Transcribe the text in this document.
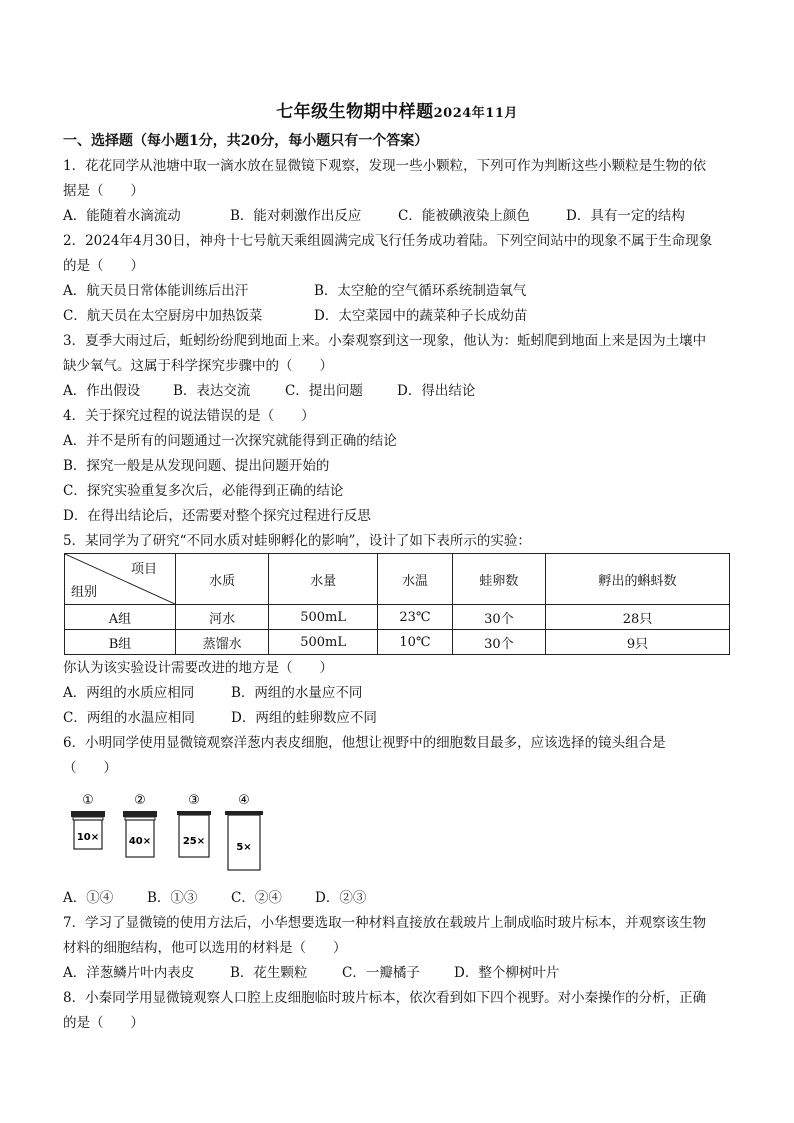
七年级生物期中样题2024年11月
一、选择题（每小题1分，共20分，每小题只有一个答案）
1．花花同学从池塘中取一滴水放在显微镜下观察，发现一些小颗粒，下列可作为判断这些小颗粒是生物的依
据是（　　）
A．能随着水滴流动	B．能对刺激作出反应	C．能被碘液染上颜色	D．具有一定的结构
2．2024年4月30日，神舟十七号航天乘组圆满完成飞行任务成功着陆。下列空间站中的现象不属于生命现象
的是（　　）
A．航天员日常体能训练后出汗	B．太空舱的空气循环系统制造氧气
C．航天员在太空厨房中加热饭菜	D．太空菜园中的蔬菜种子长成幼苗
3．夏季大雨过后，蚯蚓纷纷爬到地面上来。小秦观察到这一现象，他认为：蚯蚓爬到地面上来是因为土壤中
缺少氧气。这属于科学探究步骤中的（　　）
A．作出假设 B．表达交流	C．提出问题	D．得出结论
4．关于探究过程的说法错误的是（　　）
A．并不是所有的问题通过一次探究就能得到正确的结论
B．探究一般是从发现问题、提出问题开始的
C．探究实验重复多次后，必能得到正确的结论
D．在得出结论后，还需要对整个探究过程进行反思
5．某同学为了研究“不同水质对蛙卵孵化的影响”，设计了如下表所示的实验：
项目
组别	水质	水量	水温	蛙卵数	孵出的蝌蚪数
A组	河水	500mL	23℃	30个	28只
B组	蒸馏水	500mL	10℃	30个	9只
你认为该实验设计需要改进的地方是（　　）
A．两组的水质应相同	B．两组的水量应不同
C．两组的水温应相同	D．两组的蛙卵数应不同
6．小明同学使用显微镜观察洋葱内表皮细胞，他想让视野中的细胞数目最多，应该选择的镜头组合是
（　　）
①
10×
②
40×
③
25×
④
5×
A．①④	B．①③ C．②④ D．②③
7．学习了显微镜的使用方法后，小华想要选取一种材料直接放在载玻片上制成临时玻片标本，并观察该生物
材料的细胞结构，他可以选用的材料是（　　）
A．洋葱鳞片叶内表皮	B．花生颗粒	C．一瓣橘子	D．整个柳树叶片
8．小秦同学用显微镜观察人口腔上皮细胞临时玻片标本，依次看到如下四个视野。对小秦操作的分析，正确
的是（　　）
